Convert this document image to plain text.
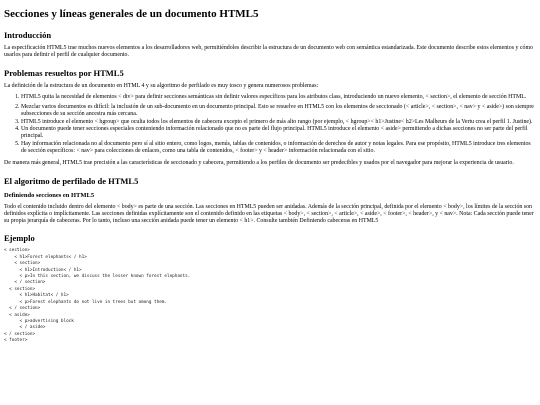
Secciones y líneas generales de un documento HTML5
Introducción

La especificación HTML5 trae muchos nuevos elementos a los desarrolladores web, permitiéndoles describir la estructura de un documento web con semántica estandarizada. Este documento describe estos elementos y cómo usarlos para definir el perfil de cualquier documento.

Problemas resueltos por HTML5

La definición de la estructura de un documento en HTML 4 y su algoritmo de perfilado es muy tosco y genera numerosos problemas:

1. HTML5 quita la necesidad de elementos < div> para definir secciones semánticas sin definir valores específicos para los atributos class, introduciendo un nuevo elemento, < section>, el elemento de sección HTML.
2. Mezclar varios documentos es difícil: la inclusión de un sub-documento en un documento principal. Esto se resuelve en HTML5 con los elementos de seccionado (< article>, < section>, < nav> y < aside>) son siempre subsecciones de su sección ancestra más cercana.
3. HTML5 introduce el elemento < hgroup> que oculta todos los elementos de cabecera excepto el primero de más alto rango (por ejemplo, < hgroup>< h1>Justine< h2>Les Malheurs de la Vertu crea el perfil 1. Justine).
4. Un documento puede tener secciones especiales conteniendo información relacionado que no es parte del flujo principal. HTML5 introduce el elemento < aside> permitiendo a dichas secciones no ser parte del perfil principal.
5. Hay información relacionada no al documento pero sí al sitio entero, como logos, menús, tablas de contenidos, o información de derechos de autor y notas legales. Para ese propósito, HTML5 introduce tres elementos de sección específicos: < nav> para colecciones de enlaces, como una tabla de contenidos, < footer> y < header> información relacionada con el sitio.

De manera más general, HTML5 trae precisión a las características de seccionado y cabecera, permitiendo a los perfiles de documento ser predecibles y usados por el navegador para mejorar la experiencia de usuario.

El algoritmo de perfilado de HTML5
Definiendo secciones en HTML5

Todo el contenido incluido dentro del elemento < body> es parte de una sección. Las secciones en HTML5 pueden ser anidadas. Además de la sección principal, definida por el elemento < body>, los límites de la sección son definidos explícita o implícitamente. Las secciones definidas explícitamente son el contenido definido en las etiquetas < body>, < section>, < article>, < aside>, < footer>, < header>, y < nav>. Nota: Cada sección puede tener su propia jerarquía de cabeceras. Por lo tanto, incluso una sección anidada puede tener un elemento < h1>. Consulte también Definiendo cabeceras en HTML5

Ejemplo
< section>
< h1>Forest elephants< / h1>
< section>
< h1>Introduction< / h1>
< p>In this section, we discuss the lesser known forest elephants.
< / section>
< section>
< h1>Habitat< / h1>
< p>Forest elephants do not live in trees but among them.
< / section>
< aside>
< p>advertising block
< / aside>
< / section>
< footer>
